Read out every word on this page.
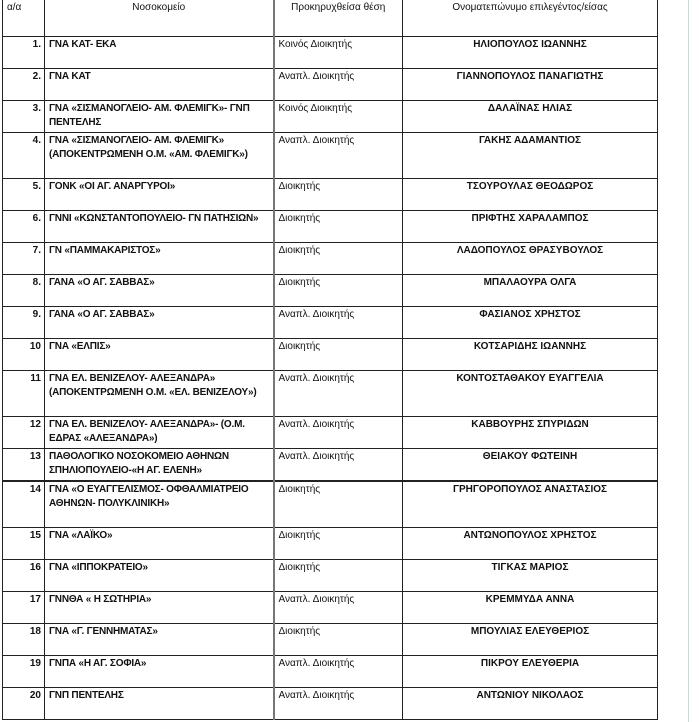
α/α	Νοσοκομείο	Προκηρυχθείσα θέση	Ονοματεπώνυμο επιλεγέντος/είσας
1.	ΓΝΑ ΚΑΤ- ΕΚΑ	Κοινός Διοικητής	ΗΛΙΟΠΟΥΛΟΣ ΙΩΑΝΝΗΣ
2.	ΓΝΑ ΚΑΤ	Αναπλ. Διοικητής	ΓΙΑΝΝΟΠΟΥΛΟΣ ΠΑΝΑΓΙΩΤΗΣ
3.	ΓΝΑ «ΣΙΣΜΑΝΟΓΛΕΙΟ- ΑΜ. ΦΛΕΜΙΓΚ»- ΓΝΠ ΠΕΝΤΕΛΗΣ	Κοινός Διοικητής	ΔΑΛΑΪΝΑΣ ΗΛΙΑΣ
4.	ΓΝΑ «ΣΙΣΜΑΝΟΓΛΕΙΟ- ΑΜ. ΦΛΕΜΙΓΚ» (ΑΠΟΚΕΝΤΡΩΜΕΝΗ Ο.Μ. «ΑΜ. ΦΛΕΜΙΓΚ»)	Αναπλ. Διοικητής	ΓΑΚΗΣ ΑΔΑΜΑΝΤΙΟΣ
5.	ΓΟΝΚ «ΟΙ ΑΓ. ΑΝΑΡΓΥΡΟΙ»	Διοικητής	ΤΣΟΥΡΟΥΛΑΣ ΘΕΟΔΩΡΟΣ
6.	ΓΝΝΙ «ΚΩΝΣΤΑΝΤΟΠΟΥΛΕΙΟ- ΓΝ ΠΑΤΗΣΙΩΝ»	Διοικητής	ΠΡΙΦΤΗΣ ΧΑΡΑΛΑΜΠΟΣ
7.	ΓΝ «ΠΑΜΜΑΚΑΡΙΣΤΟΣ»	Διοικητής	ΛΑΔΟΠΟΥΛΟΣ ΘΡΑΣΥΒΟΥΛΟΣ
8.	ΓΑΝΑ «Ο ΑΓ. ΣΑΒΒΑΣ»	Διοικητής	ΜΠΑΛΑΟΥΡΑ ΟΛΓΑ
9.	ΓΑΝΑ «Ο ΑΓ. ΣΑΒΒΑΣ»	Αναπλ. Διοικητής	ΦΑΣΙΑΝΟΣ ΧΡΗΣΤΟΣ
10	ΓΝΑ «ΕΛΠΙΣ»	Διοικητής	ΚΟΤΣΑΡΙΔΗΣ ΙΩΑΝΝΗΣ
11	ΓΝΑ ΕΛ. ΒΕΝΙΖΕΛΟΥ- ΑΛΕΞΑΝΔΡΑ» (ΑΠΟΚΕΝΤΡΩΜΕΝΗ Ο.Μ. «ΕΛ. ΒΕΝΙΖΕΛΟΥ»)	Αναπλ. Διοικητής	ΚΟΝΤΟΣΤΑΘΑΚΟΥ ΕΥΑΓΓΕΛΙΑ
12	ΓΝΑ ΕΛ. ΒΕΝΙΖΕΛΟΥ- ΑΛΕΞΑΝΔΡΑ»- (Ο.Μ. ΕΔΡΑΣ «ΑΛΕΞΑΝΔΡΑ»)	Αναπλ. Διοικητής	ΚΑΒΒΟΥΡΗΣ ΣΠΥΡΙΔΩΝ
13	ΠΑΘΟΛΟΓΙΚΟ ΝΟΣΟΚΟΜΕΙΟ ΑΘΗΝΩΝ ΣΠΗΛΙΟΠΟΥΛΕΙΟ-«Η ΑΓ. ΕΛΕΝΗ»	Αναπλ. Διοικητής	ΘΕΙΑΚΟΥ ΦΩΤΕΙΝΗ
14	ΓΝΑ «Ο ΕΥΑΓΓΕΛΙΣΜΟΣ- ΟΦΘΑΛΜΙΑΤΡΕΙΟ ΑΘΗΝΩΝ- ΠΟΛΥΚΛΙΝΙΚΗ»	Διοικητής	ΓΡΗΓΟΡΟΠΟΥΛΟΣ ΑΝΑΣΤΑΣΙΟΣ
15	ΓΝΑ «ΛΑΪΚΟ»	Διοικητής	ΑΝΤΩΝΟΠΟΥΛΟΣ ΧΡΗΣΤΟΣ
16	ΓΝΑ «ΙΠΠΟΚΡΑΤΕΙΟ»	Διοικητής	ΤΙΓΚΑΣ ΜΑΡΙΟΣ
17	ΓΝΝΘΑ « Η ΣΩΤΗΡΙΑ»	Αναπλ. Διοικητής	ΚΡΕΜΜΥΔΑ ΑΝΝΑ
18	ΓΝΑ «Γ. ΓΕΝΝΗΜΑΤΑΣ»	Διοικητής	ΜΠΟΥΛΙΑΣ ΕΛΕΥΘΕΡΙΟΣ
19	ΓΝΠΑ «Η ΑΓ. ΣΟΦΙΑ»	Αναπλ. Διοικητής	ΠΙΚΡΟΥ ΕΛΕΥΘΕΡΙΑ
20	ΓΝΠ ΠΕΝΤΕΛΗΣ	Αναπλ. Διοικητής	ΑΝΤΩΝΙΟΥ ΝΙΚΟΛΑΟΣ
